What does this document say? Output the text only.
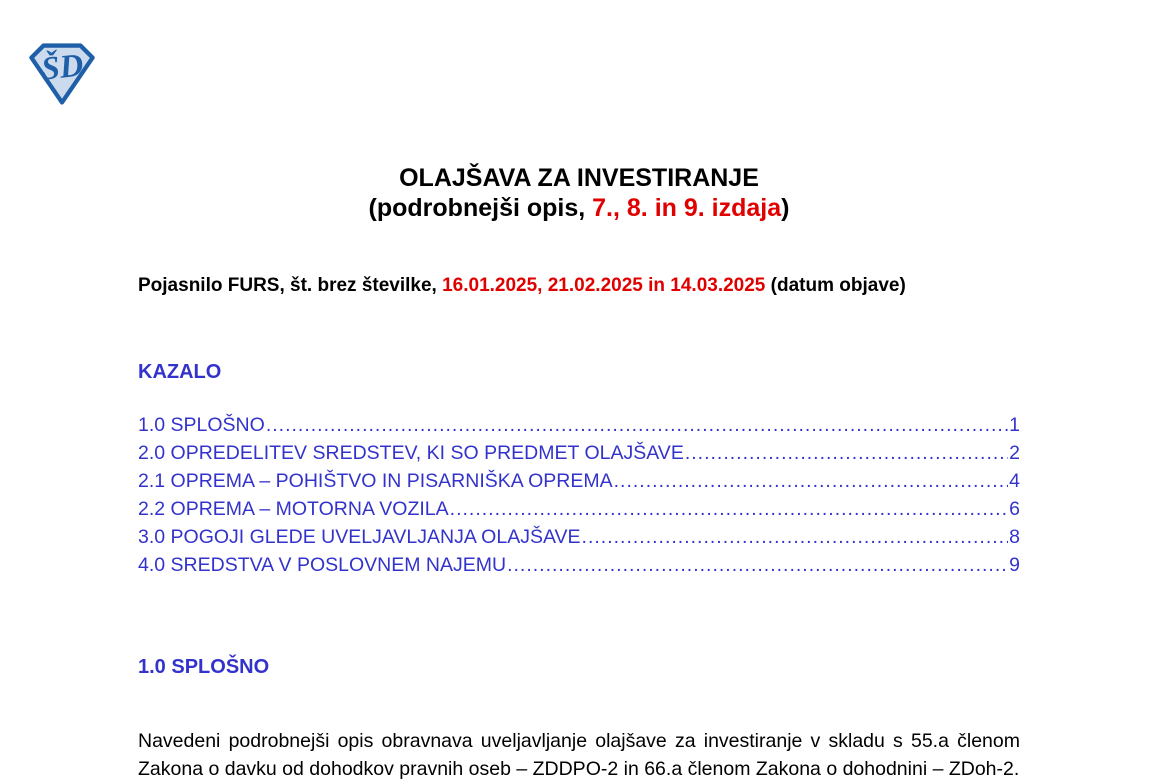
ŠD
OLAJŠAVA ZA INVESTIRANJE
(podrobnejši opis, 7., 8. in 9. izdaja)

Pojasnilo FURS, št. brez številke, 16.01.2025, 21.02.2025 in 14.03.2025 (datum objave)

KAZALO
1.0 SPLOŠNO .....	1
2.0 OPREDELITEV SREDSTEV, KI SO PREDMET OLAJŠAVE .....	2
2.1 OPREMA – POHIŠTVO IN PISARNIŠKA OPREMA .....	4
2.2 OPREMA – MOTORNA VOZILA .....	6
3.0 POGOJI GLEDE UVELJAVLJANJA OLAJŠAVE .....	8
4.0 SREDSTVA V POSLOVNEM NAJEMU .....	9
1.0 SPLOŠNO

Navedeni podrobnejši opis obravnava uveljavljanje olajšave za investiranje v skladu s 55.a členom Zakona o davku od dohodkov pravnih oseb – ZDDPO-2 in 66.a členom Zakona o dohodnini – ZDoh-2.
